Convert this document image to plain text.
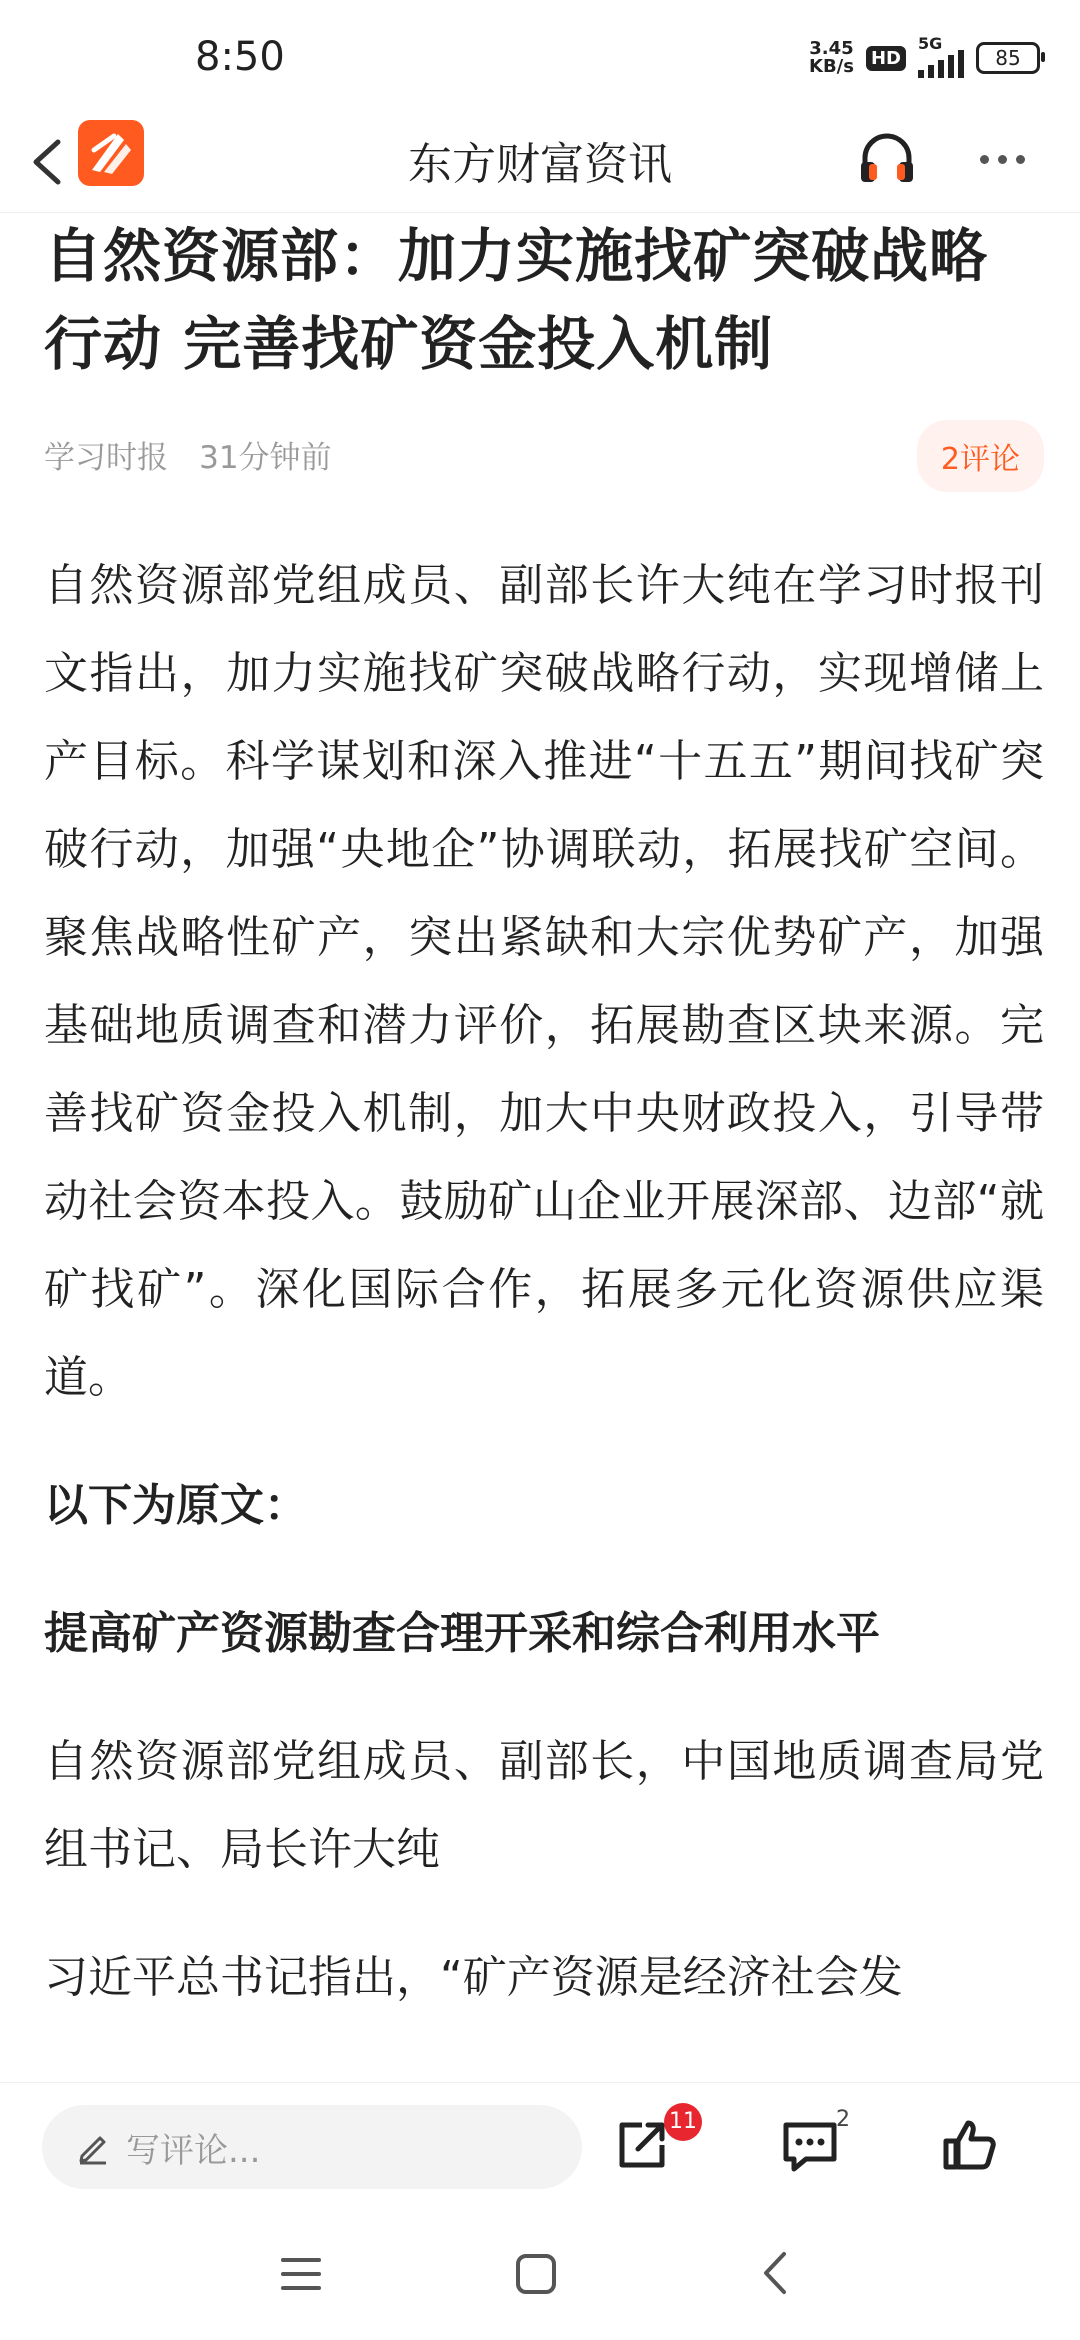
8:50	3.45
KB/s HD
5G
85
东方财富资讯
自然资源部：加力实施找矿突破战略行动 完善找矿资金投入机制
学习时报 31分钟前	2评论

自然资源部党组成员、副部长许大纯在学习时报刊文指出，加力实施找矿突破战略行动，实现增储上产目标。科学谋划和深入推进“十五五”期间找矿突破行动，加强“央地企”协调联动，拓展找矿空间。聚焦战略性矿产，突出紧缺和大宗优势矿产，加强基础地质调查和潜力评价，拓展勘查区块来源。完善找矿资金投入机制，加大中央财政投入，引导带动社会资本投入。鼓励矿山企业开展深部、边部“就矿找矿”。深化国际合作，拓展多元化资源供应渠道。

以下为原文：

提高矿产资源勘查合理开采和综合利用水平

自然资源部党组成员、副部长，中国地质调查局党组书记、局长许大纯

习近平总书记指出，“矿产资源是经济社会发

写评论...
11	2
